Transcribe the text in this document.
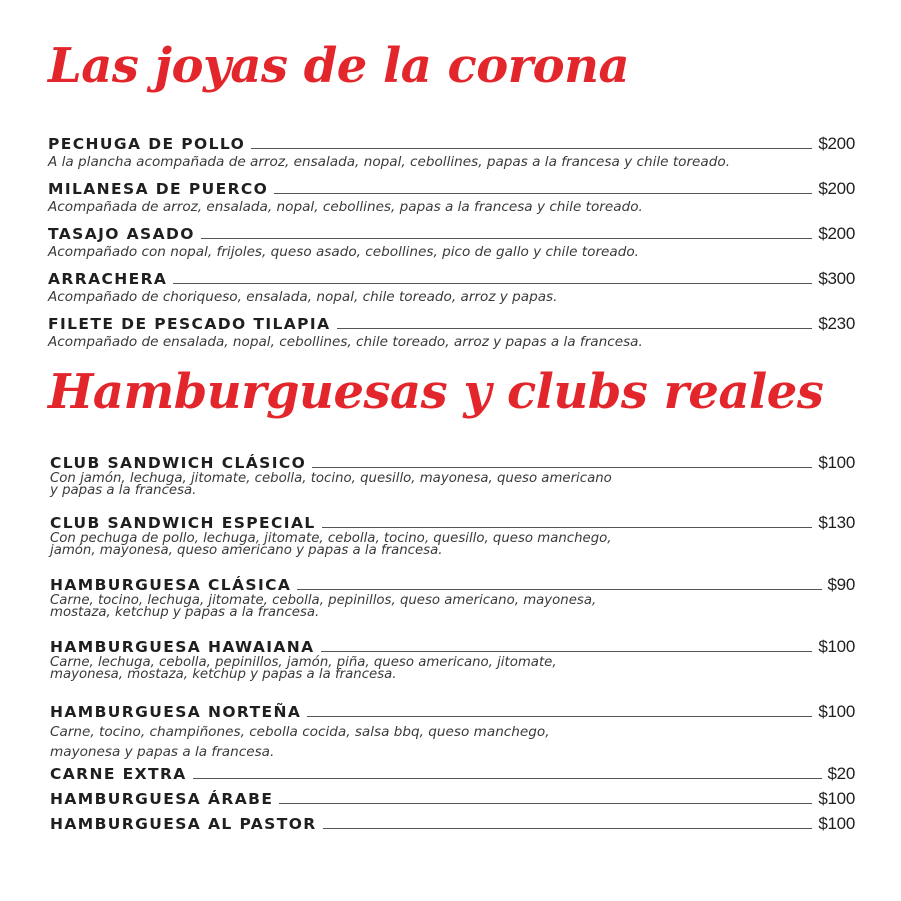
Las joyas de la corona
PECHUGA DE POLLO	$200
A la plancha acompañada de arroz, ensalada, nopal, cebollines, papas a la francesa y chile toreado.
MILANESA DE PUERCO	$200
Acompañada de arroz, ensalada, nopal, cebollines, papas a la francesa y chile toreado.
TASAJO ASADO	$200
Acompañado con nopal, frijoles, queso asado, cebollines, pico de gallo y chile toreado.
ARRACHERA	$300
Acompañado de choriqueso, ensalada, nopal, chile toreado, arroz y papas.
FILETE DE PESCADO TILAPIA	$230
Acompañado de ensalada, nopal, cebollines, chile toreado, arroz y papas a la francesa.
Hamburguesas y clubs reales
CLUB SANDWICH CLÁSICO	$100
Con jamón, lechuga, jitomate, cebolla, tocino, quesillo, mayonesa, queso americano
y papas a la francesa.
CLUB SANDWICH ESPECIAL	$130
Con pechuga de pollo, lechuga, jitomate, cebolla, tocino, quesillo, queso manchego,
jamón, mayonesa, queso americano y papas a la francesa.
HAMBURGUESA CLÁSICA	$90
Carne, tocino, lechuga, jitomate, cebolla, pepinillos, queso americano, mayonesa,
mostaza, ketchup y papas a la francesa.
HAMBURGUESA HAWAIANA	$100
Carne, lechuga, cebolla, pepinillos, jamón, piña, queso americano, jitomate,
mayonesa, mostaza, ketchup y papas a la francesa.
HAMBURGUESA NORTEÑA	$100
Carne, tocino, champiñones, cebolla cocida, salsa bbq, queso manchego,
mayonesa y papas a la francesa.
CARNE EXTRA	$20
HAMBURGUESA ÁRABE	$100
HAMBURGUESA AL PASTOR	$100
